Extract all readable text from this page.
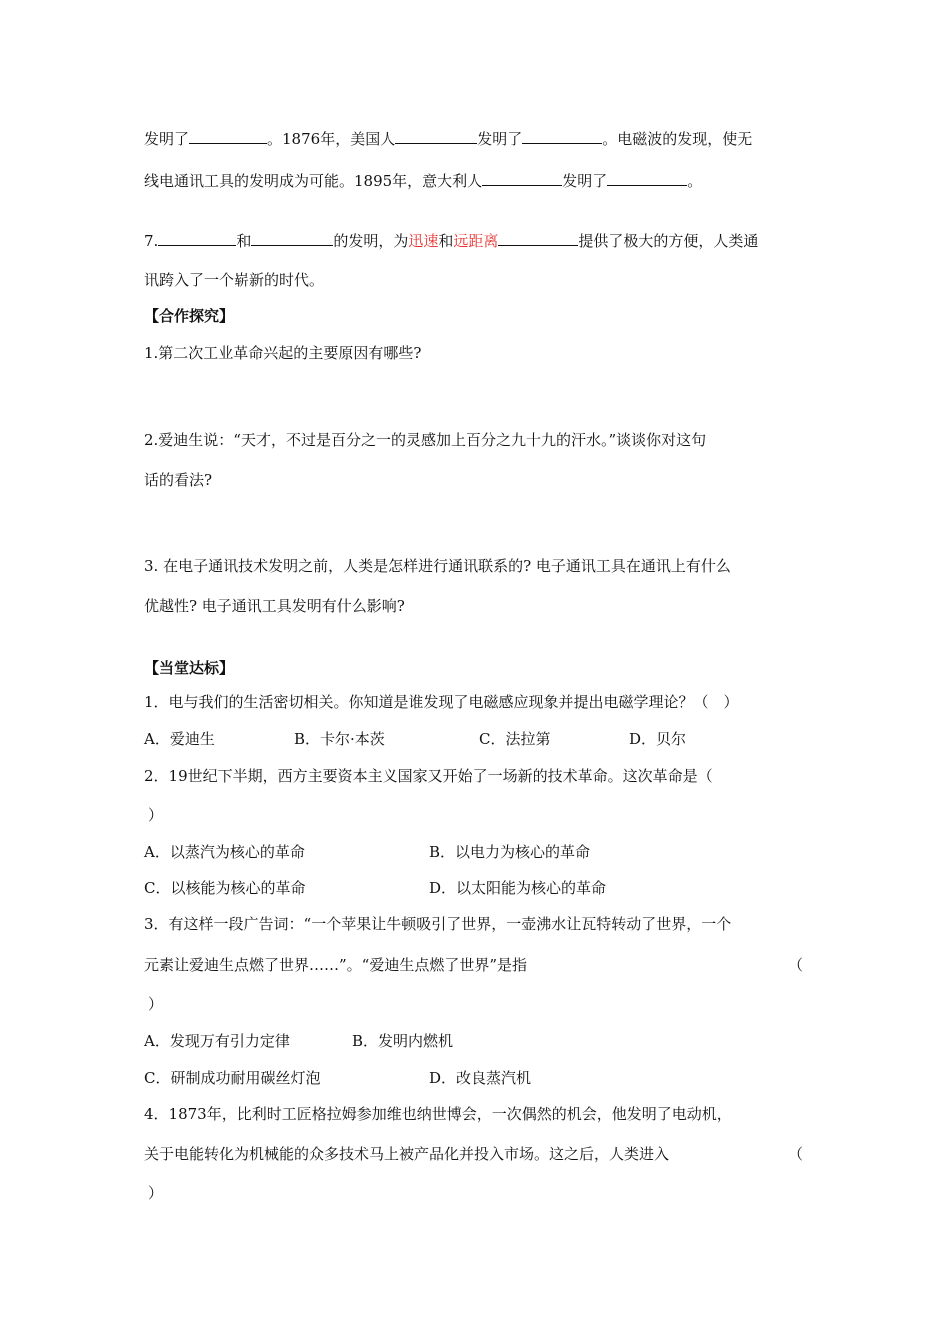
发明了	。1876年，美国人	发明了	。电磁波的发现，使无
线电通讯工具的发明成为可能。1895年，意大利人	发明了	。
7.	和	的发明，为迅速和远距离	提供了极大的方便，人类通
讯跨入了一个崭新的时代。
【合作探究】
1.第二次工业革命兴起的主要原因有哪些?
2.爱迪生说：“天才，不过是百分之一的灵感加上百分之九十九的汗水。”谈谈你对这句
话的看法?
3. 在电子通讯技术发明之前，人类是怎样进行通讯联系的? 电子通讯工具在通讯上有什么
优越性? 电子通讯工具发明有什么影响?
【当堂达标】
1．电与我们的生活密切相关。你知道是谁发现了电磁感应现象并提出电磁学理论？（　）
A．爱迪生	B．卡尔·本茨	C．法拉第	D．贝尔
2．19世纪下半期，西方主要资本主义国家又开始了一场新的技术革命。这次革命是（
）
A．以蒸汽为核心的革命	B．以电力为核心的革命
C．以核能为核心的革命	D．以太阳能为核心的革命
3．有这样一段广告词：“一个苹果让牛顿吸引了世界，一壶沸水让瓦特转动了世界，一个
元素让爱迪生点燃了世界……”。“爱迪生点燃了世界”是指	（
）
A．发现万有引力定律	B．发明内燃机
C．研制成功耐用碳丝灯泡	D．改良蒸汽机
4．1873年，比利时工匠格拉姆参加维也纳世博会，一次偶然的机会，他发明了电动机，
关于电能转化为机械能的众多技术马上被产品化并投入市场。这之后，人类进入	（
）
